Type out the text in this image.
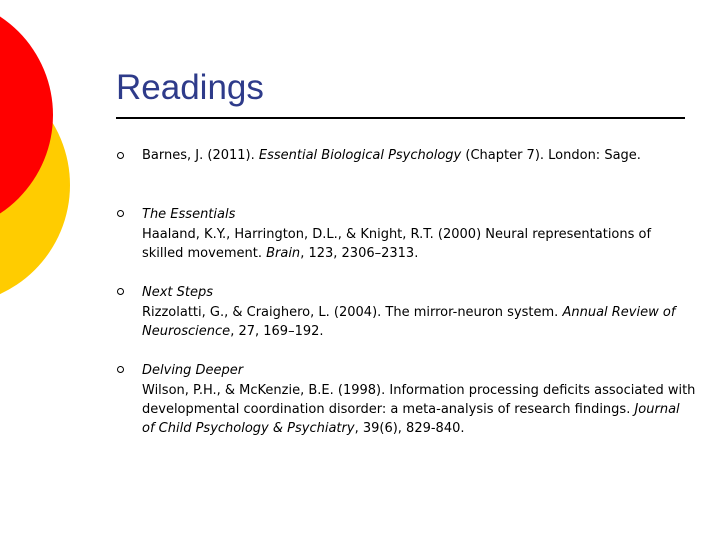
Readings
Barnes, J. (2011). Essential Biological Psychology (Chapter 7). London: Sage.
The Essentials
Haaland, K.Y., Harrington, D.L., & Knight, R.T. (2000) Neural representations of skilled movement. Brain, 123, 2306–2313.
Next Steps
Rizzolatti, G., & Craighero, L. (2004). The mirror-neuron system. Annual Review of Neuroscience, 27, 169–192.
Delving Deeper
Wilson, P.H., & McKenzie, B.E. (1998). Information processing deficits associated with developmental coordination disorder: a meta-analysis of research findings. Journal of Child Psychology & Psychiatry, 39(6), 829-840.
